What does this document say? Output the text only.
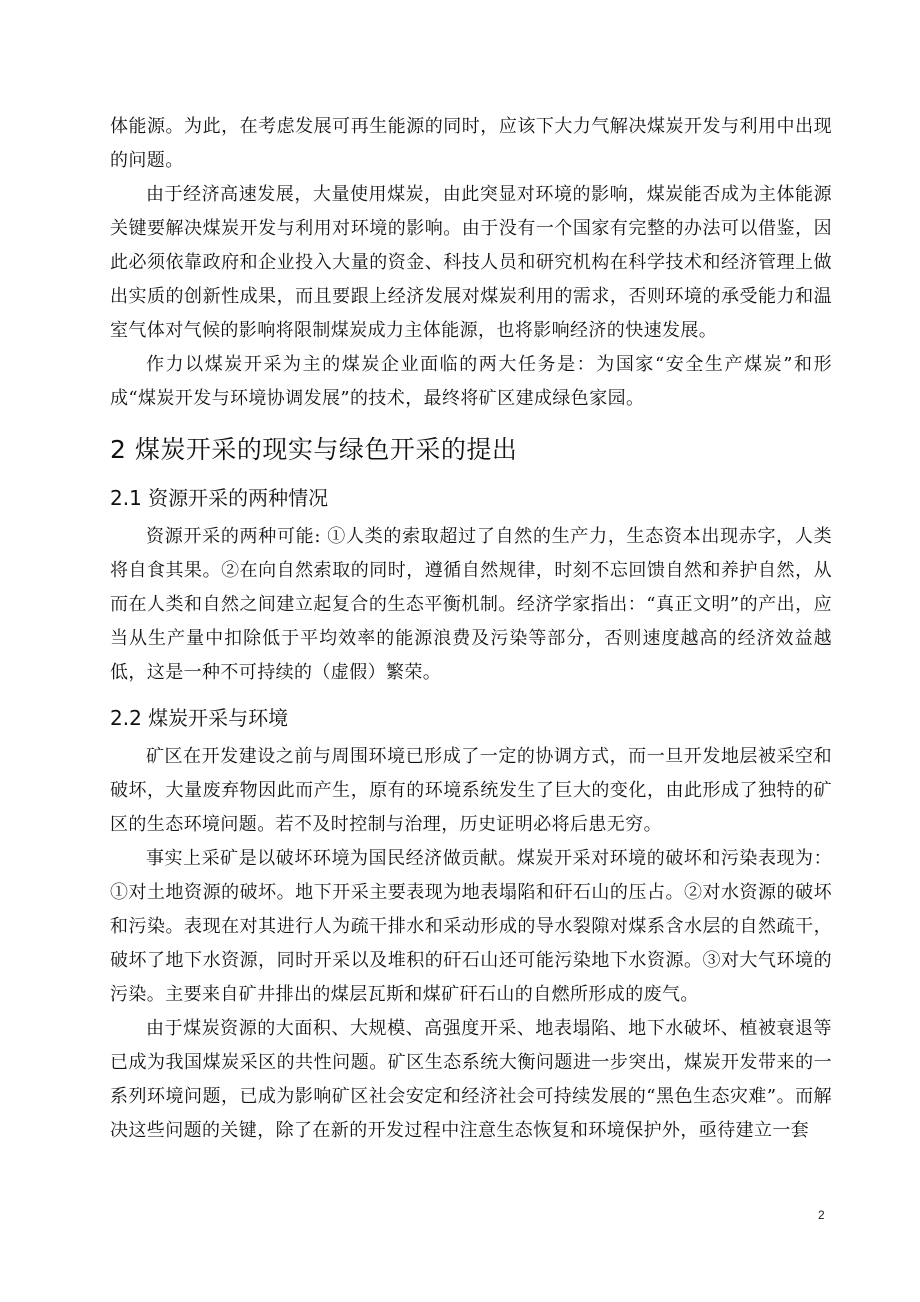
体能源。为此，在考虑发展可再生能源的同时，应该下大力气解决煤炭开发与利用中出现的问题。

由于经济高速发展，大量使用煤炭，由此突显对环境的影响，煤炭能否成为主体能源关键要解决煤炭开发与利用对环境的影响。由于没有一个国家有完整的办法可以借鉴，因此必须依靠政府和企业投入大量的资金、科技人员和研究机构在科学技术和经济管理上做出实质的创新性成果，而且要跟上经济发展对煤炭利用的需求，否则环境的承受能力和温室气体对气候的影响将限制煤炭成力主体能源，也将影响经济的快速发展。

作力以煤炭开采为主的煤炭企业面临的两大任务是：为国家“安全生产煤炭”和形成“煤炭开发与环境协调发展”的技术，最终将矿区建成绿色家园。

2 煤炭开采的现实与绿色开采的提出
2.1 资源开采的两种情况

资源开采的两种可能: ①人类的索取超过了自然的生产力，生态资本出现赤字，人类将自食其果。②在向自然索取的同时，遵循自然规律，时刻不忘回馈自然和养护自然，从而在人类和自然之间建立起复合的生态平衡机制。经济学家指出：“真正文明”的产出，应当从生产量中扣除低于平均效率的能源浪费及污染等部分，否则速度越高的经济效益越低，这是一种不可持续的（虚假）繁荣。

2.2 煤炭开采与环境

矿区在开发建设之前与周围环境已形成了一定的协调方式，而一旦开发地层被采空和破坏，大量废弃物因此而产生，原有的环境系统发生了巨大的变化，由此形成了独特的矿区的生态环境问题。若不及时控制与治理，历史证明必将后患无穷。

事实上采矿是以破坏环境为国民经济做贡献。煤炭开采对环境的破坏和污染表现为：①对土地资源的破坏。地下开采主要表现为地表塌陷和矸石山的压占。②对水资源的破坏和污染。表现在对其进行人为疏干排水和采动形成的导水裂隙对煤系含水层的自然疏干，破坏了地下水资源，同时开采以及堆积的矸石山还可能污染地下水资源。③对大气环境的污染。主要来自矿井排出的煤层瓦斯和煤矿矸石山的自燃所形成的废气。

由于煤炭资源的大面积、大规模、高强度开采、地表塌陷、地下水破坏、植被衰退等已成为我国煤炭采区的共性问题。矿区生态系统大衡问题进一步突出，煤炭开发带来的一系列环境问题，已成为影响矿区社会安定和经济社会可持续发展的“黑色生态灾难”。而解决这些问题的关键，除了在新的开发过程中注意生态恢复和环境保护外，亟待建立一套

2
